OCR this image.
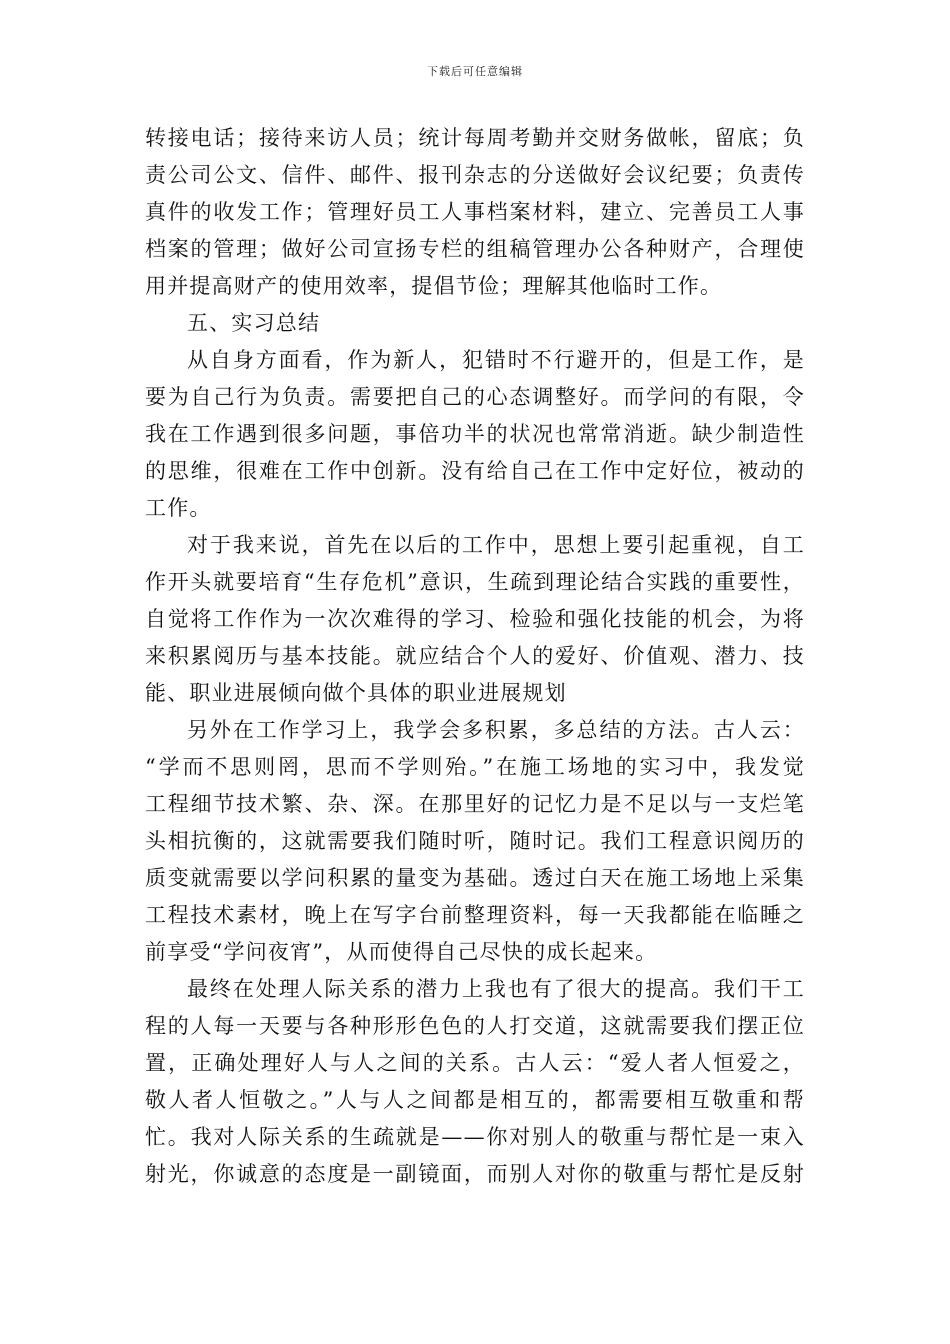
下载后可任意编辑
转接电话；接待来访人员；统计每周考勤并交财务做帐，留底；负
责公司公文、信件、邮件、报刊杂志的分送做好会议纪要；负责传
真件的收发工作；管理好员工人事档案材料，建立、完善员工人事
档案的管理；做好公司宣扬专栏的组稿管理办公各种财产，合理使
用并提高财产的使用效率，提倡节俭；理解其他临时工作。
五、实习总结
从自身方面看，作为新人，犯错时不行避开的，但是工作，是
要为自己行为负责。需要把自己的心态调整好。而学问的有限，令
我在工作遇到很多问题，事倍功半的状况也常常消逝。缺少制造性
的思维，很难在工作中创新。没有给自己在工作中定好位，被动的
工作。
对于我来说，首先在以后的工作中，思想上要引起重视，自工
作开头就要培育“生存危机”意识，生疏到理论结合实践的重要性，
自觉将工作作为一次次难得的学习、检验和强化技能的机会，为将
来积累阅历与基本技能。就应结合个人的爱好、价值观、潜力、技
能、职业进展倾向做个具体的职业进展规划
另外在工作学习上，我学会多积累，多总结的方法。古人云：
“学而不思则罔，思而不学则殆。”在施工场地的实习中，我发觉
工程细节技术繁、杂、深。在那里好的记忆力是不足以与一支烂笔
头相抗衡的，这就需要我们随时听，随时记。我们工程意识阅历的
质变就需要以学问积累的量变为基础。透过白天在施工场地上采集
工程技术素材，晚上在写字台前整理资料，每一天我都能在临睡之
前享受“学问夜宵”，从而使得自己尽快的成长起来。
最终在处理人际关系的潜力上我也有了很大的提高。我们干工
程的人每一天要与各种形形色色的人打交道，这就需要我们摆正位
置，正确处理好人与人之间的关系。古人云：“爱人者人恒爱之，
敬人者人恒敬之。”人与人之间都是相互的，都需要相互敬重和帮
忙。我对人际关系的生疏就是——你对别人的敬重与帮忙是一束入
射光，你诚意的态度是一副镜面，而别人对你的敬重与帮忙是反射
